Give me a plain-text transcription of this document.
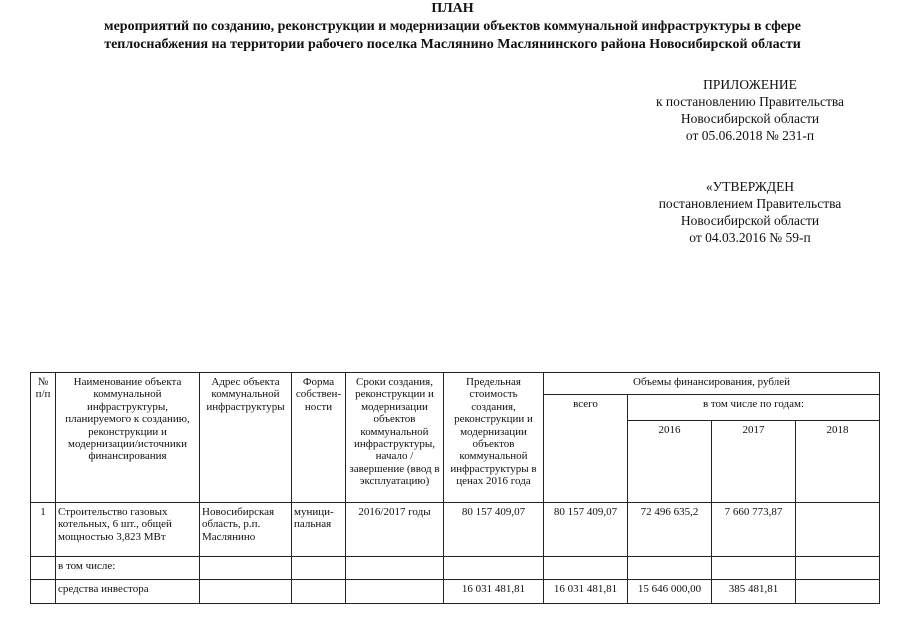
ПРИЛОЖЕНИЕ
к постановлению Правительства
Новосибирской области
от 05.06.2018 № 231-п
«УТВЕРЖДЕН
постановлением Правительства
Новосибирской области
от 04.03.2016 № 59-п
ПЛАН
мероприятий по созданию, реконструкции и модернизации объектов коммунальной инфраструктуры в сфере
теплоснабжения на территории рабочего поселка Маслянино Маслянинского района Новосибирской области
№ п/п	Наименование объекта коммунальной инфраструктуры, планируемого к созданию, реконструкции и модернизации/источники финансирования	Адрес объекта коммунальной инфраструктуры	Форма собствен-ности	Сроки создания, реконструкции и модернизации объектов коммунальной инфраструктуры, начало / завершение (ввод в эксплуатацию)	Предельная стоимость создания, реконструкции и модернизации объектов коммунальной инфраструктуры в ценах 2016 года	Объемы финансирования, рублей			
						всего	в том числе по годам:		
							2016	2017	2018
1	Строительство газовых котельных, 6 шт., общей мощностью 3,823 МВт	Новосибирская область, р.п. Маслянино	муници-пальная	2016/2017 годы	80 157 409,07	80 157 409,07	72 496 635,2	7 660 773,87	
	в том числе:								
	средства инвестора				16 031 481,81	16 031 481,81	15 646 000,00	385 481,81	
